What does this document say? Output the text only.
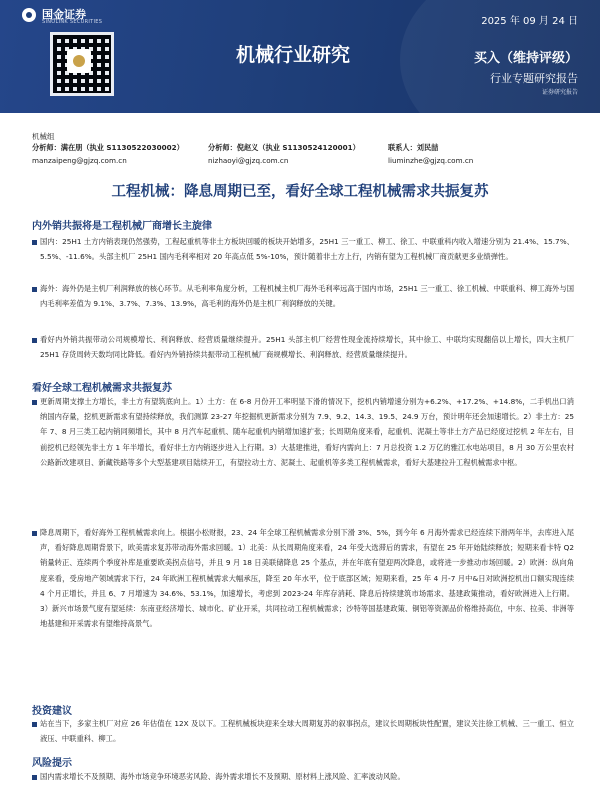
国金证券
SINOLINK SECURITIES	2025 年 09 月 24 日
机械行业研究	买入（维持评级）
行业专题研究报告
证券研究报告
机械组
分析师：满在朋（执业 S1130522030002）	分析师：倪赵义（执业 S1130524120001）	联系人：刘民喆
manzaipeng@gjzq.com.cn	nizhaoyi@gjzq.com.cn	liuminzhe@gjzq.com.cn
工程机械：降息周期已至，看好全球工程机械需求共振复苏
内外销共振将是工程机械厂商增长主旋律
国内：25H1 土方内销表现仍然强势，工程起重机等非土方板块回暖的板块开始增多，25H1 三一重工、柳工、徐工、中联重科内收入增速分别为 21.4%、15.7%、5.5%、-11.6%。头部主机厂 25H1 国内毛利率相对 20 年高点低 5%-10%，预计随着非土方上行，内销有望为工程机械厂商贡献更多业绩弹性。
海外：海外仍是主机厂利润释放的核心环节。从毛利率角度分析，工程机械主机厂海外毛利率远高于国内市场，25H1 三一重工、徐工机械、中联重科、柳工海外与国内毛利率差值为 9.1%、3.7%、7.3%、13.9%，高毛利的海外仍是主机厂利润释放的关键。
看好内外销共振带动公司规模增长、利润释放、经营质量继续提升。25H1 头部主机厂经营性现金流持续增长，其中徐工、中联均实现翻倍以上增长，四大主机厂 25H1 存货周转天数均同比降低。看好内外销持续共振带动工程机械厂商规模增长、利润释放、经营质量继续提升。
看好全球工程机械需求共振复苏
更新周期支撑土方增长，非土方有望筑底向上。1）土方：在 6-8 月份开工率明显下滑的情况下，挖机内销增速分别为+6.2%、+17.2%、+14.8%，二手机出口消纳国内存量，挖机更新需求有望持续释放，我们测算 23-27 年挖掘机更新需求分别为 7.9、9.2、14.3、19.5、24.9 万台，预计明年还会加速增长。2）非土方：25 年 7、8 月三类工起内销同频增长，其中 8 月汽车起重机、随车起重机内销增加速扩张；长周期角度来看，起重机、泥凝土等非土方产品已经度过挖机 2 年左右，目前挖机已经领先非土方 1 年半增长，看好非土方内销逐步进入上行期。3）大基建推进，看好内需向上：7 月总投资 1.2 万亿的雅江水电站项目，8 月 30 万公里农村公路新改建项目、新藏铁路等多个大型基建项目陆续开工，有望拉动土方、泥凝土、起重机等多类工程机械需求，看好大基建拉升工程机械需求中枢。
降息周期下，看好海外工程机械需求向上。根据小松财报，23、24 年全球工程机械需求分别下滑 3%、5%，到今年 6 月海外需求已经连续下滑两年半，去库进入尾声，看好降息周期背景下，欧美需求复苏带动海外需求回暖。1）北美：从长周期角度来看，24 年受大选滞后的需求，有望在 25 年开始陆续释放；短期来看卡特 Q2 销量转正、连续两个季度补库是重要欧美拐点信号，并且 9 月 18 日美联储降息 25 个基点，并在年底有望迎两次降息，或将进一步推动市场回暖。2）欧洲：纵向角度来看，受房地产领域需求下行，24 年欧洲工程机械需求大幅承压，降至 20 年水平，位于底部区域；短期来看，25 年 4 月-7 月中&日对欧洲挖机出口额实现连续 4 个月正增长，并且 6、7 月增速为 34.6%、53.1%，加速增长，考虑到 2023-24 年库存消耗、降息后持续建筑市场需求、基建政策推动，看好欧洲进入上行期。3）新兴市场景气度有望延续：东南亚经济增长、城市化、矿业开采，共同拉动工程机械需求；沙特等国基建政策、铜铝等资源品价格维持高位，中东、拉美、非洲等地基建和开采需求有望维持高景气。
投资建议
站在当下，多家主机厂对应 26 年估值在 12X 及以下。工程机械板块迎来全球大周期复苏的叙事拐点，建议长周期板块性配置，建议关注徐工机械、三一重工、恒立液压、中联重科、柳工。
风险提示
国内需求增长不及预期、海外市场竞争环境恶劣风险、海外需求增长不及预期、原材料上涨风险、汇率波动风险。
